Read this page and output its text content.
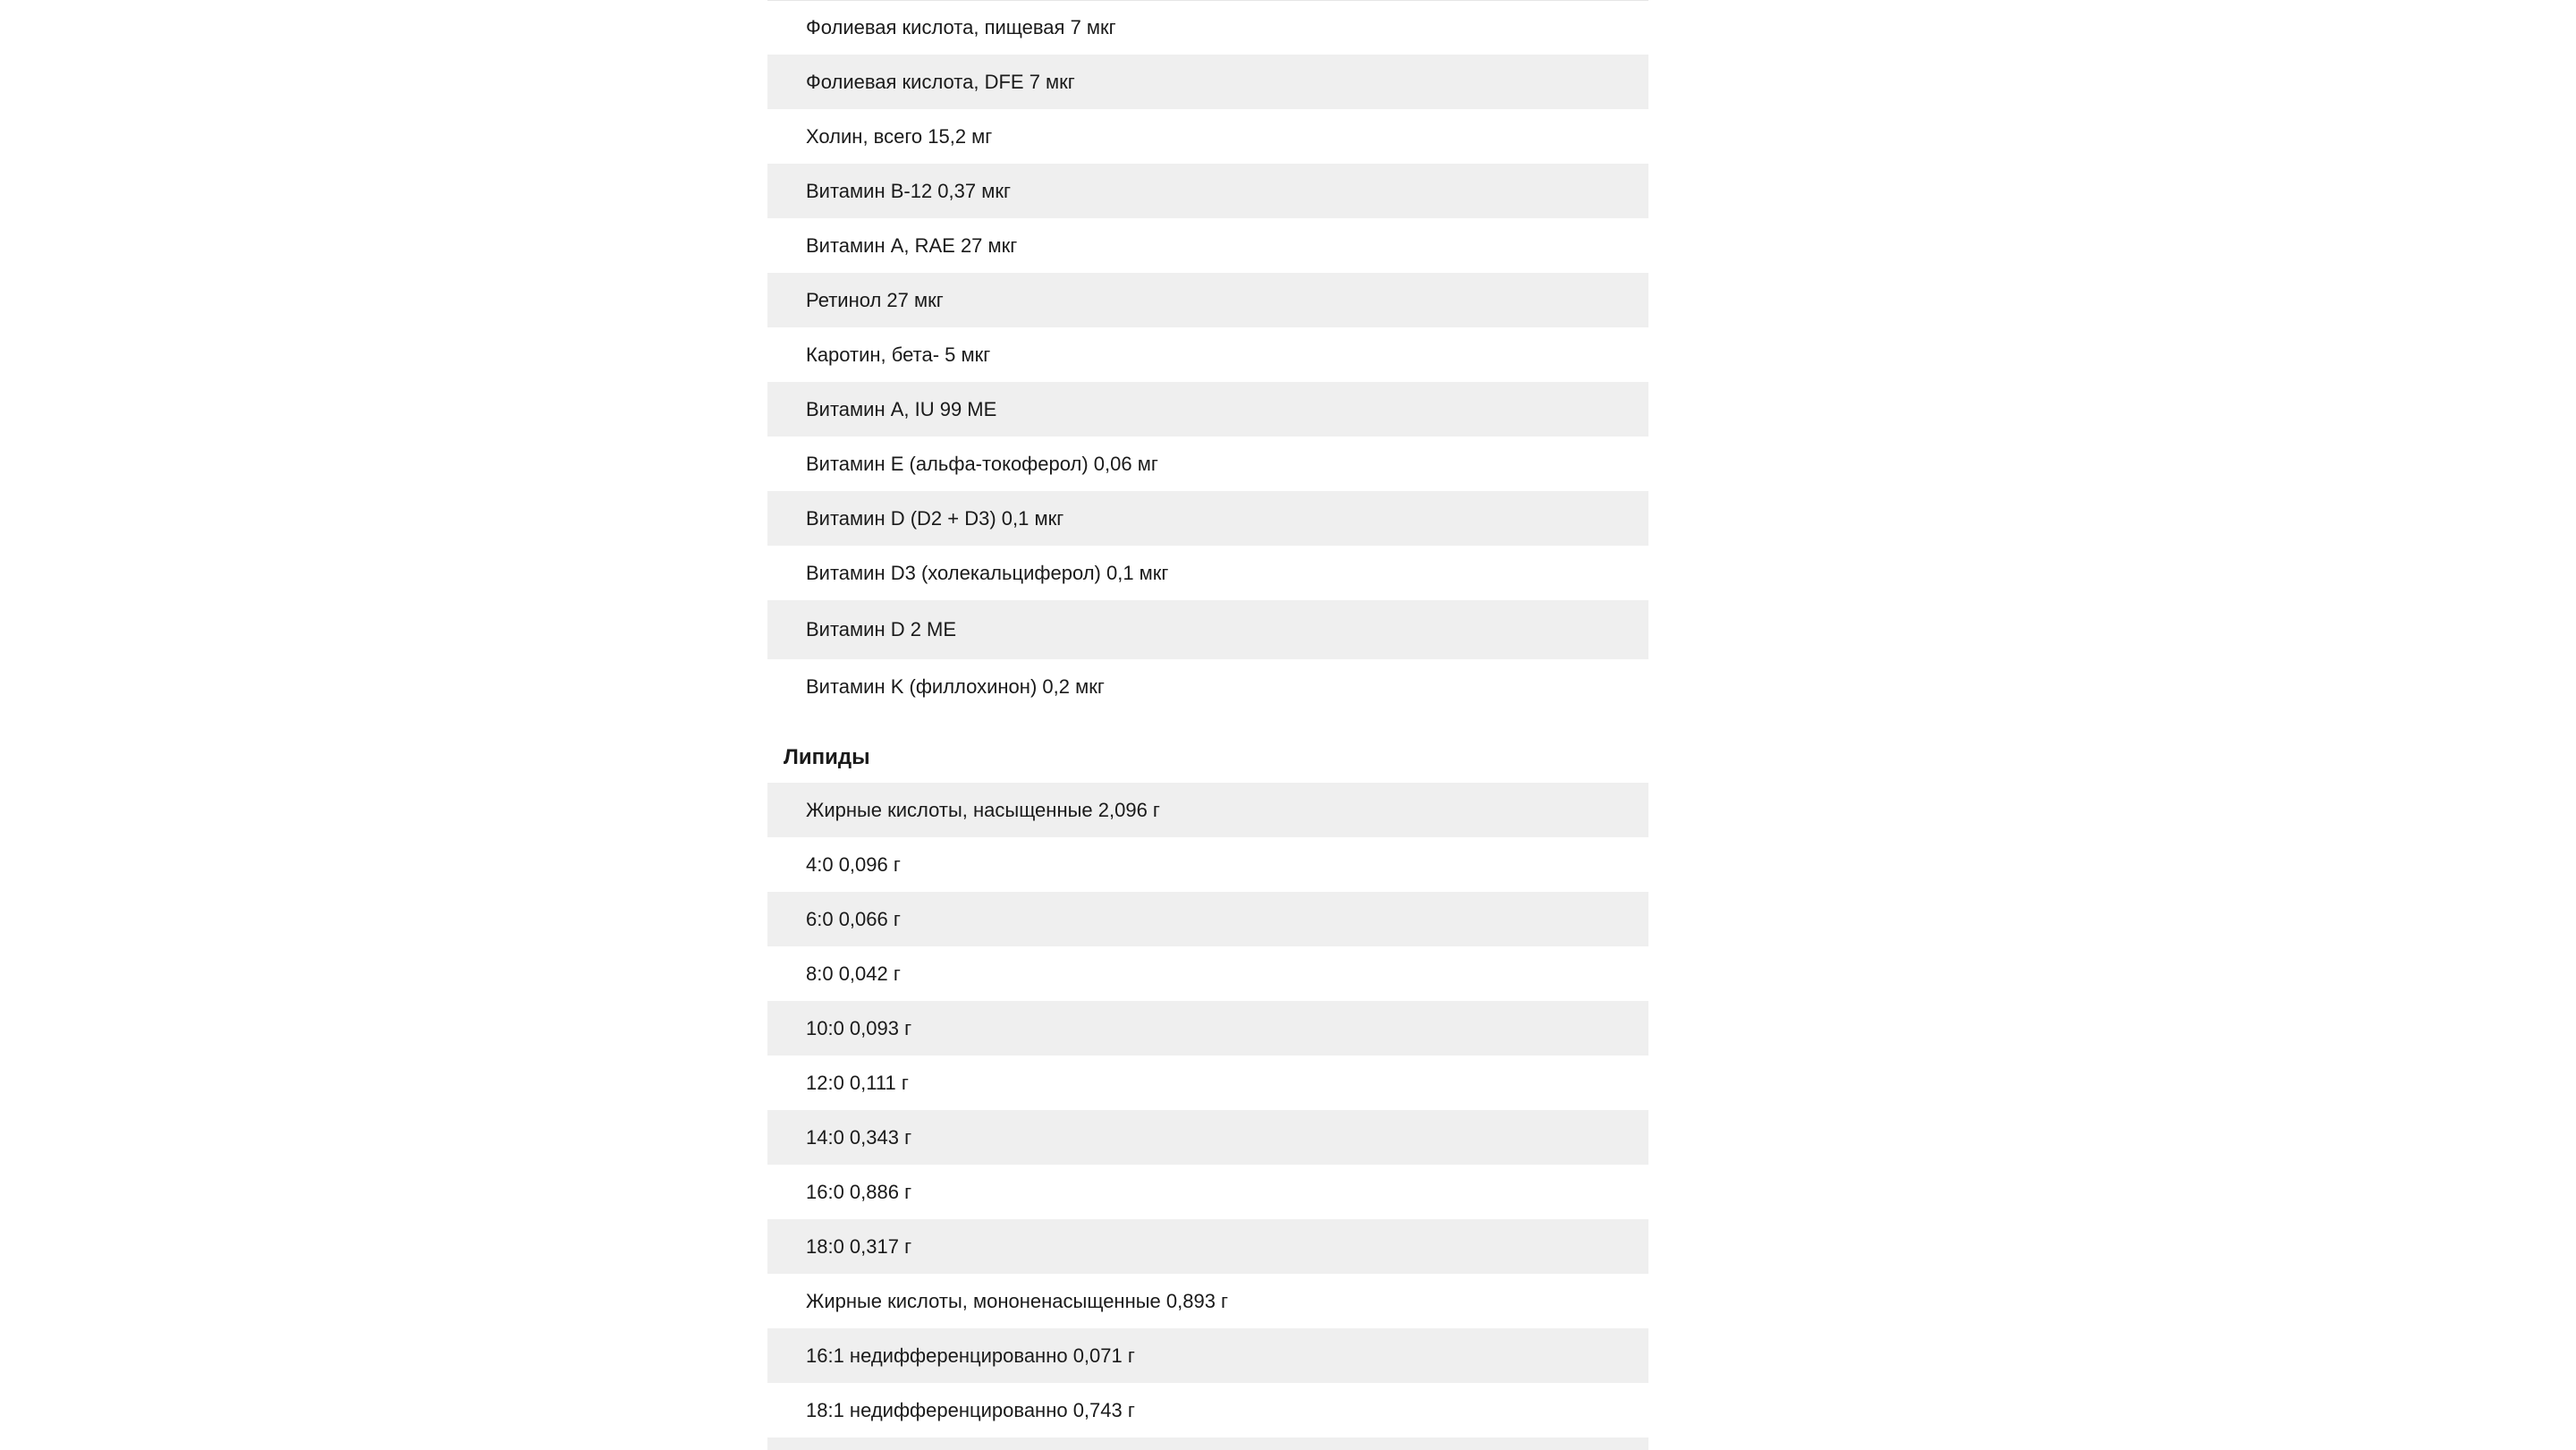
Фолиевая кислота, пищевая 7 мкг
Фолиевая кислота, DFE 7 мкг
Холин, всего 15,2 мг
Витамин B-12 0,37 мкг
Витамин A, RAE 27 мкг
Ретинол 27 мкг
Каротин, бета- 5 мкг
Витамин A, IU 99 МЕ
Витамин E (альфа-токоферол) 0,06 мг
Витамин D (D2 + D3) 0,1 мкг
Витамин D3 (холекальциферол) 0,1 мкг
Витамин D 2 МЕ
Витамин K (филлохинон) 0,2 мкг
Липиды
Жирные кислоты, насыщенные 2,096 г
4:0 0,096 г
6:0 0,066 г
8:0 0,042 г
10:0 0,093 г
12:0 0,111 г
14:0 0,343 г
16:0 0,886 г
18:0 0,317 г
Жирные кислоты, мононенасыщенные 0,893 г
16:1 недифференцированно 0,071 г
18:1 недифференцированно 0,743 г
